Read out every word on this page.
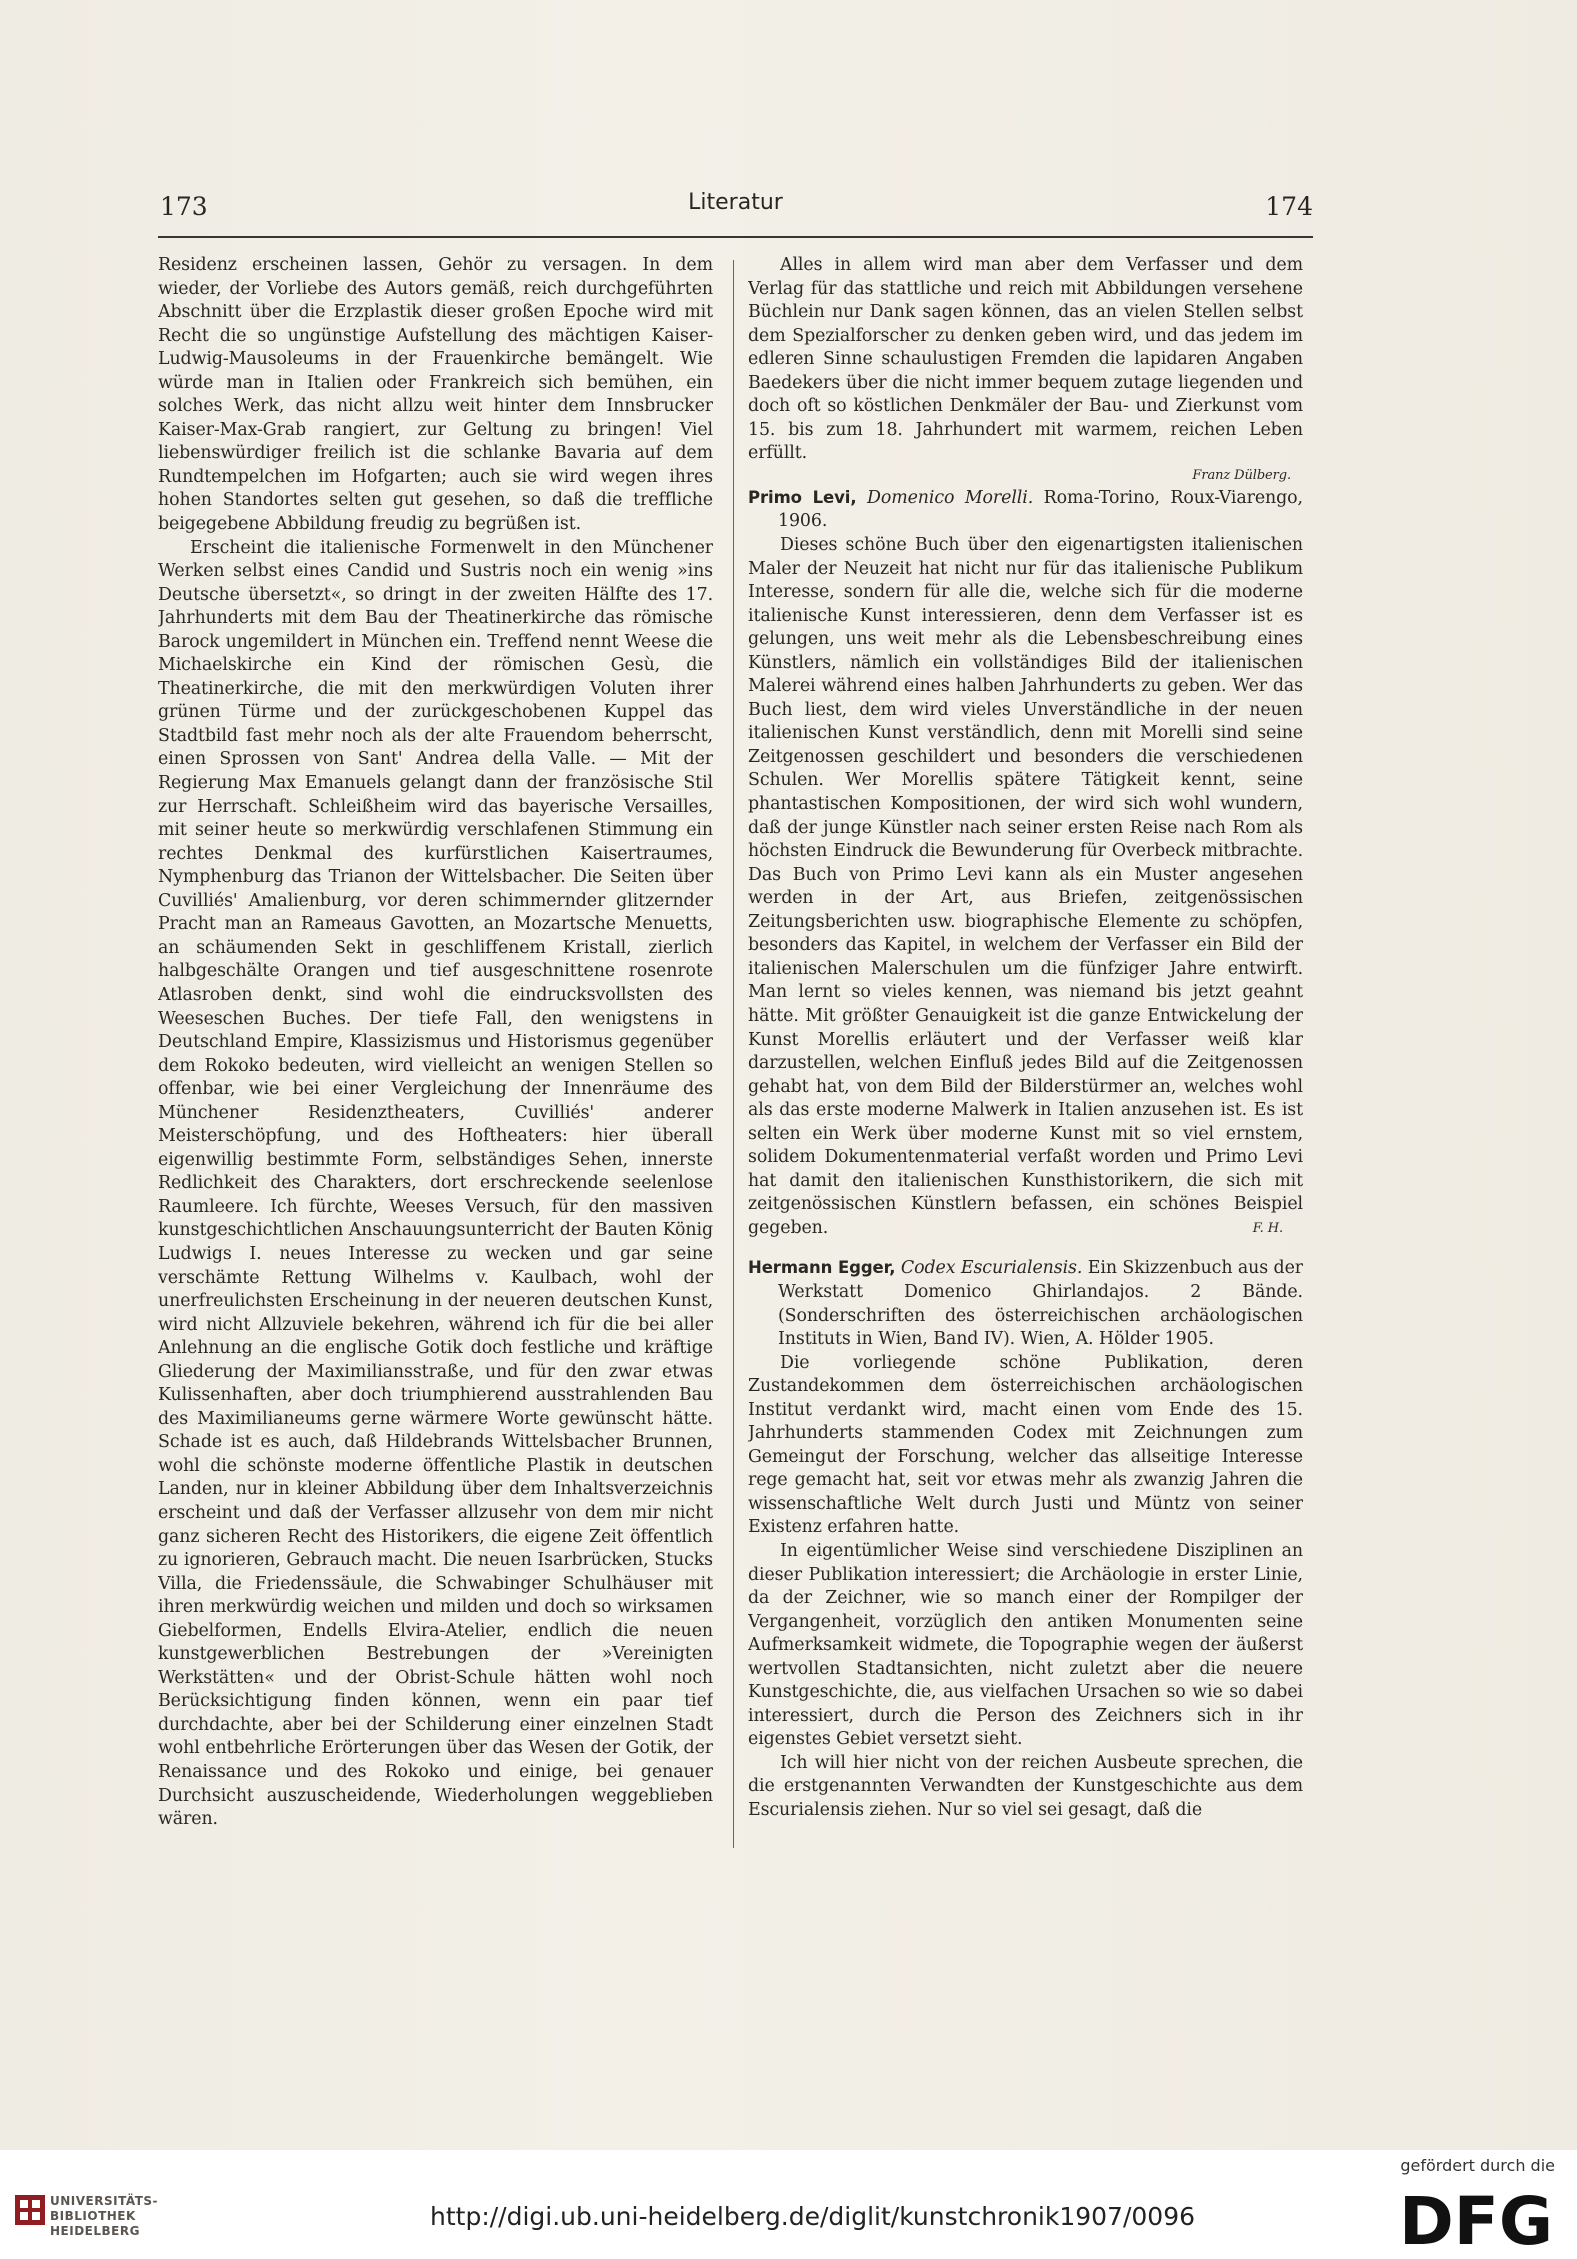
173	Literatur	174

Residenz erscheinen lassen, Gehör zu versagen. In dem wieder, der Vorliebe des Autors gemäß, reich durchgeführten Abschnitt über die Erzplastik dieser großen Epoche wird mit Recht die so ungünstige Aufstellung des mächtigen Kaiser-Ludwig-Mausoleums in der Frauenkirche bemängelt. Wie würde man in Italien oder Frankreich sich bemühen, ein solches Werk, das nicht allzu weit hinter dem Innsbrucker Kaiser-Max-Grab rangiert, zur Geltung zu bringen! Viel liebenswürdiger freilich ist die schlanke Bavaria auf dem Rundtempelchen im Hofgarten; auch sie wird wegen ihres hohen Standortes selten gut gesehen, so daß die treffliche beigegebene Abbildung freudig zu begrüßen ist.

Erscheint die italienische Formenwelt in den Münchener Werken selbst eines Candid und Sustris noch ein wenig »ins Deutsche übersetzt«, so dringt in der zweiten Hälfte des 17. Jahrhunderts mit dem Bau der Theatinerkirche das römische Barock ungemildert in München ein. Treffend nennt Weese die Michaelskirche ein Kind der römischen Gesù, die Theatinerkirche, die mit den merkwürdigen Voluten ihrer grünen Türme und der zurückgeschobenen Kuppel das Stadtbild fast mehr noch als der alte Frauendom beherrscht, einen Sprossen von Sant' Andrea della Valle. — Mit der Regierung Max Emanuels gelangt dann der französische Stil zur Herrschaft. Schleißheim wird das bayerische Versailles, mit seiner heute so merkwürdig verschlafenen Stimmung ein rechtes Denkmal des kurfürstlichen Kaisertraumes, Nymphenburg das Trianon der Wittelsbacher. Die Seiten über Cuvilliés' Amalienburg, vor deren schimmernder glitzernder Pracht man an Rameaus Gavotten, an Mozartsche Menuetts, an schäumenden Sekt in geschliffenem Kristall, zierlich halbgeschälte Orangen und tief ausgeschnittene rosenrote Atlasroben denkt, sind wohl die eindrucksvollsten des Weeseschen Buches. Der tiefe Fall, den wenigstens in Deutschland Empire, Klassizismus und Historismus gegenüber dem Rokoko bedeuten, wird vielleicht an wenigen Stellen so offenbar, wie bei einer Vergleichung der Innenräume des Münchener Residenztheaters, Cuvilliés' anderer Meisterschöpfung, und des Hoftheaters: hier überall eigenwillig bestimmte Form, selbständiges Sehen, innerste Redlichkeit des Charakters, dort erschreckende seelenlose Raumleere. Ich fürchte, Weeses Versuch, für den massiven kunstgeschichtlichen Anschauungsunterricht der Bauten König Ludwigs I. neues Interesse zu wecken und gar seine verschämte Rettung Wilhelms v. Kaulbach, wohl der unerfreulichsten Erscheinung in der neueren deutschen Kunst, wird nicht Allzuviele bekehren, während ich für die bei aller Anlehnung an die englische Gotik doch festliche und kräftige Gliederung der Maximiliansstraße, und für den zwar etwas Kulissenhaften, aber doch triumphierend ausstrahlenden Bau des Maximilianeums gerne wärmere Worte gewünscht hätte. Schade ist es auch, daß Hildebrands Wittelsbacher Brunnen, wohl die schönste moderne öffentliche Plastik in deutschen Landen, nur in kleiner Abbildung über dem Inhaltsverzeichnis erscheint und daß der Verfasser allzusehr von dem mir nicht ganz sicheren Recht des Historikers, die eigene Zeit öffentlich zu ignorieren, Gebrauch macht. Die neuen Isarbrücken, Stucks Villa, die Friedenssäule, die Schwabinger Schulhäuser mit ihren merkwürdig weichen und milden und doch so wirksamen Giebelformen, Endells Elvira-Atelier, endlich die neuen kunstgewerblichen Bestrebungen der »Vereinigten Werkstätten« und der Obrist-Schule hätten wohl noch Berücksichtigung finden können, wenn ein paar tief durchdachte, aber bei der Schilderung einer einzelnen Stadt wohl entbehrliche Erörterungen über das Wesen der Gotik, der Renaissance und des Rokoko und einige, bei genauer Durchsicht auszuscheidende, Wiederholungen weggeblieben wären.

Alles in allem wird man aber dem Verfasser und dem Verlag für das stattliche und reich mit Abbildungen versehene Büchlein nur Dank sagen können, das an vielen Stellen selbst dem Spezialforscher zu denken geben wird, und das jedem im edleren Sinne schaulustigen Fremden die lapidaren Angaben Baedekers über die nicht immer bequem zutage liegenden und doch oft so köstlichen Denkmäler der Bau- und Zierkunst vom 15. bis zum 18. Jahrhundert mit warmem, reichen Leben erfüllt.

Franz Dülberg.

Primo Levi, Domenico Morelli. Roma-Torino, Roux-Viarengo, 1906.

Dieses schöne Buch über den eigenartigsten italienischen Maler der Neuzeit hat nicht nur für das italienische Publikum Interesse, sondern für alle die, welche sich für die moderne italienische Kunst interessieren, denn dem Verfasser ist es gelungen, uns weit mehr als die Lebensbeschreibung eines Künstlers, nämlich ein vollständiges Bild der italienischen Malerei während eines halben Jahrhunderts zu geben. Wer das Buch liest, dem wird vieles Unverständliche in der neuen italienischen Kunst verständlich, denn mit Morelli sind seine Zeitgenossen geschildert und besonders die verschiedenen Schulen. Wer Morellis spätere Tätigkeit kennt, seine phantastischen Kompositionen, der wird sich wohl wundern, daß der junge Künstler nach seiner ersten Reise nach Rom als höchsten Eindruck die Bewunderung für Overbeck mitbrachte. Das Buch von Primo Levi kann als ein Muster angesehen werden in der Art, aus Briefen, zeitgenössischen Zeitungsberichten usw. biographische Elemente zu schöpfen, besonders das Kapitel, in welchem der Verfasser ein Bild der italienischen Malerschulen um die fünfziger Jahre entwirft. Man lernt so vieles kennen, was niemand bis jetzt geahnt hätte. Mit größter Genauigkeit ist die ganze Entwickelung der Kunst Morellis erläutert und der Verfasser weiß klar darzustellen, welchen Einfluß jedes Bild auf die Zeitgenossen gehabt hat, von dem Bild der Bilderstürmer an, welches wohl als das erste moderne Malwerk in Italien anzusehen ist. Es ist selten ein Werk über moderne Kunst mit so viel ernstem, solidem Dokumentenmaterial verfaßt worden und Primo Levi hat damit den italienischen Kunsthistorikern, die sich mit zeitgenössischen Künstlern befassen, ein schönes Beispiel gegeben.	F. H.

Hermann Egger, Codex Escurialensis. Ein Skizzenbuch aus der Werkstatt Domenico Ghirlandajos. 2 Bände. (Sonderschriften des österreichischen archäologischen Instituts in Wien, Band IV). Wien, A. Hölder 1905.

Die vorliegende schöne Publikation, deren Zustandekommen dem österreichischen archäologischen Institut verdankt wird, macht einen vom Ende des 15. Jahrhunderts stammenden Codex mit Zeichnungen zum Gemeingut der Forschung, welcher das allseitige Interesse rege gemacht hat, seit vor etwas mehr als zwanzig Jahren die wissenschaftliche Welt durch Justi und Müntz von seiner Existenz erfahren hatte.

In eigentümlicher Weise sind verschiedene Disziplinen an dieser Publikation interessiert; die Archäologie in erster Linie, da der Zeichner, wie so manch einer der Rompilger der Vergangenheit, vorzüglich den antiken Monumenten seine Aufmerksamkeit widmete, die Topographie wegen der äußerst wertvollen Stadtansichten, nicht zuletzt aber die neuere Kunstgeschichte, die, aus vielfachen Ursachen so wie so dabei interessiert, durch die Person des Zeichners sich in ihr eigenstes Gebiet versetzt sieht.

Ich will hier nicht von der reichen Ausbeute sprechen, die die erstgenannten Verwandten der Kunstgeschichte aus dem Escurialensis ziehen. Nur so viel sei gesagt, daß die

UNIVERSITÄTS-
BIBLIOTHEK
HEIDELBERG	http://digi.ub.uni-heidelberg.de/diglit/kunstchronik1907/0096
gefördert durch die
DFG
